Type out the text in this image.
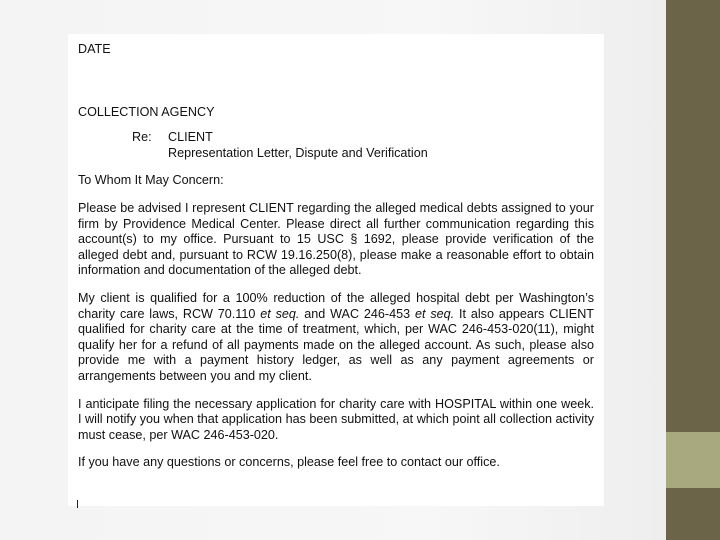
DATE

COLLECTION AGENCY

Re:	CLIENT
Representation Letter, Dispute and Verification

To Whom It May Concern:

Please be advised I represent CLIENT regarding the alleged medical debts assigned to your firm by Providence Medical Center. Please direct all further communication regarding this account(s) to my office. Pursuant to 15 USC § 1692, please provide verification of the alleged debt and, pursuant to RCW 19.16.250(8), please make a reasonable effort to obtain information and documentation of the alleged debt.

My client is qualified for a 100% reduction of the alleged hospital debt per Washington’s charity care laws, RCW 70.110 et seq. and WAC 246-453 et seq. It also appears CLIENT qualified for charity care at the time of treatment, which, per WAC 246-453-020(11), might qualify her for a refund of all payments made on the alleged account. As such, please also provide me with a payment history ledger, as well as any payment agreements or arrangements between you and my client.

I anticipate filing the necessary application for charity care with HOSPITAL within one week. I will notify you when that application has been submitted, at which point all collection activity must cease, per WAC 246-453-020.

If you have any questions or concerns, please feel free to contact our office.
